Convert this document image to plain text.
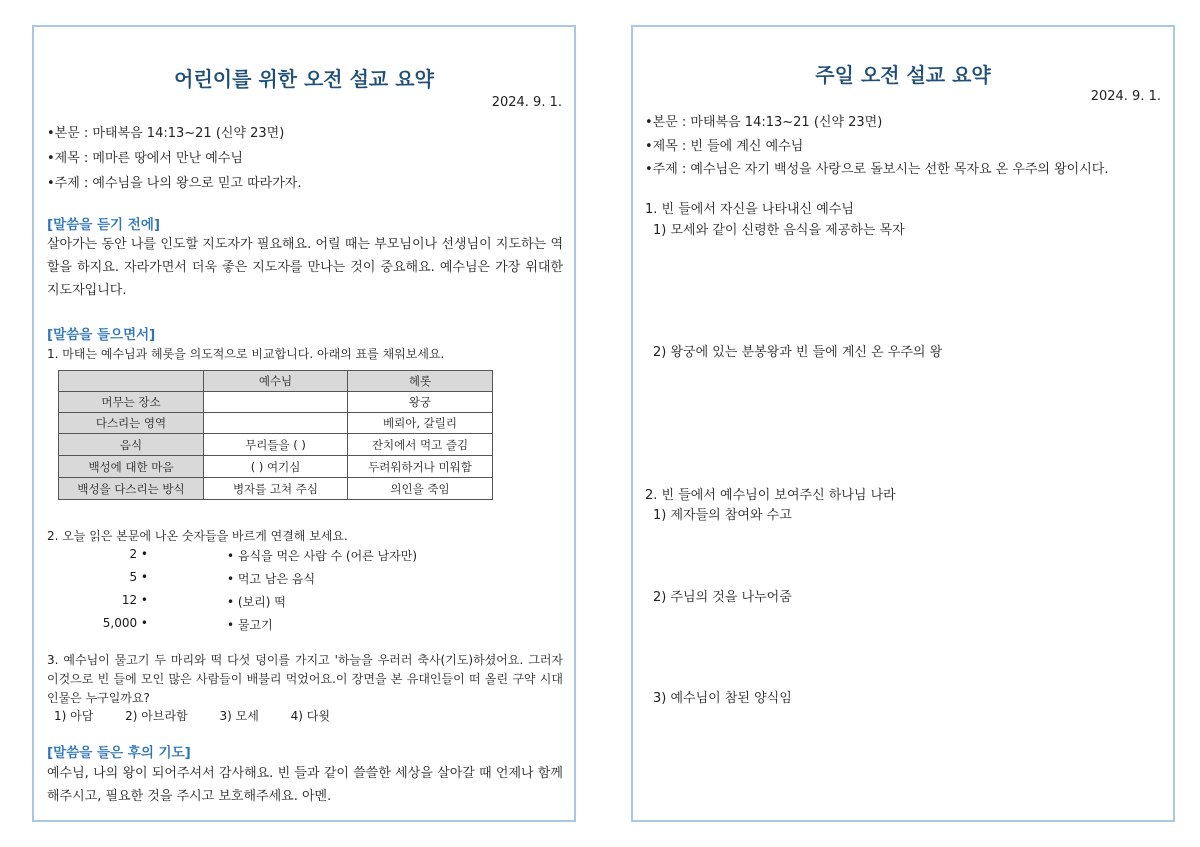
어린이를 위한 오전 설교 요약
2024. 9. 1.
•본문 : 마태복음 14:13~21 (신약 23면)
•제목 : 메마른 땅에서 만난 예수님
•주제 : 예수님을 나의 왕으로 믿고 따라가자.
[말씀을 듣기 전에]
살아가는 동안 나를 인도할 지도자가 필요해요. 어릴 때는 부모님이나 선생님이 지도하는 역할을 하지요. 자라가면서 더욱 좋은 지도자를 만나는 것이 중요해요. 예수님은 가장 위대한 지도자입니다.
[말씀을 들으면서]
1. 마태는 예수님과 헤롯을 의도적으로 비교합니다. 아래의 표를 채워보세요.
	예수님	헤롯
머무는 장소		왕궁
다스리는 영역		베뢰아, 갈릴리
음식	무리들을 ( )	잔치에서 먹고 즐김
백성에 대한 마음	( ) 여기심	두려워하거나 미워함
백성을 다스리는 방식	병자를 고쳐 주심	의인을 죽임
2. 오늘 읽은 본문에 나온 숫자들을 바르게 연결해 보세요.
2 •
5 •
12 •
5,000 •
• 음식을 먹은 사람 수 (어른 남자만)
• 먹고 남은 음식
• (보리) 떡
• 물고기
3. 예수님이 물고기 두 마리와 떡 다섯 덩이를 가지고 '하늘을 우러러 축사(기도)하셨어요. 그러자 이것으로 빈 들에 모인 많은 사람들이 배불리 먹었어요.이 장면을 본 유대인들이 떠 올린 구약 시대 인물은 누구일까요?
1) 아담	2) 아브라함	3) 모세	4) 다윗
[말씀을 들은 후의 기도]
예수님, 나의 왕이 되어주셔서 감사해요. 빈 들과 같이 쓸쓸한 세상을 살아갈 때 언제나 함께 해주시고, 필요한 것을 주시고 보호해주세요. 아멘.
주일 오전 설교 요약
2024. 9. 1.
•본문 : 마태복음 14:13~21 (신약 23면)
•제목 : 빈 들에 계신 예수님
•주제 : 예수님은 자기 백성을 사랑으로 돌보시는 선한 목자요 온 우주의 왕이시다.
1. 빈 들에서 자신을 나타내신 예수님
1) 모세와 같이 신령한 음식을 제공하는 목자
2) 왕궁에 있는 분봉왕과 빈 들에 계신 온 우주의 왕
2. 빈 들에서 예수님이 보여주신 하나님 나라
1) 제자들의 참여와 수고
2) 주님의 것을 나누어줌
3) 예수님이 참된 양식임
